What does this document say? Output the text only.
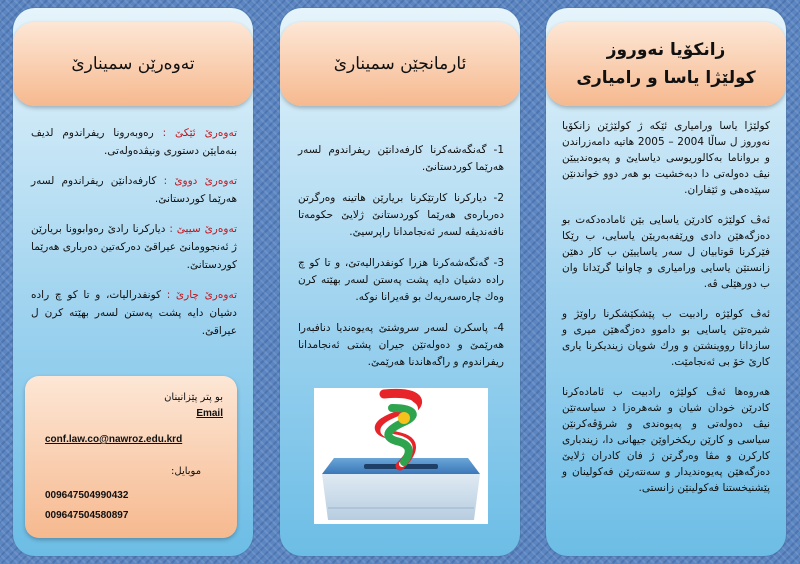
تەوەرێن سمینارێ

تەوەرێ ئێكێ : رەوبەرونا ریفراندوم لدیف بنەمایێن دستوری ونیڤدەولەتی.

تەوەرێ دووێ : كارفەدانێن ریفراندوم لسەر هەرێما كوردستانێ.

تەوەرێ سییێ : دیاركرنا رادێ رەوابوونا بریارێن ژ ئەنجوومانێ عیراقێ دەركەتین دەرباری هەرێما كوردستانێ.

تەوەرێ چارێ : كونفدرالیات، و تا كو چ رادە دشیان دایە پشت پەستن لسەر بهێتە كرن ل عیراقێ.

بو پتر پێزانینان
Email
conf.law.co@nawroz.edu.krd
موبایل:
009647504990432
009647504580897
ئارمانجێن سمینارێ

1- گەنگەشەكرنا كارفەدانێن ریفراندوم لسەر هەرێما كوردستانێ.

2- دیاركرنا كارتێكرنا بریارێن هاتینە وەرگرتن دەربارەی هەرێما كوردستانێ ژلایێ حكومەتا نافەندیڤە لسەر ئەنجامدانا راپرسیێ.

3- گەنگەشەكرنا هزرا كونفدرالیەتێ، و تا كو چ رادە دشیان دایە پشت پەستن لسەر بهێتە كرن وەك چارەسەریەك بو قەیرانا نوكە.

4- پاسكرن لسەر سروشتێ پەیوەندیا دنافبەرا هەرێمێ و دەولەتێن جیران پشتی ئەنجامدانا ریفراندوم و راگەهاندنا هەرێمێ.

زانكۆیا نەوروز
كولێژا یاسا و رامیاری

كولێژا یاسا ورامیاری ئێكە ژ كولێژێن زانكۆیا نەوروز ل ساڵا 2004 – 2005 هاتیە دامەزراندن و برواناما بەكالوریوسی دیاسایێ و پەیوەندییێن نیڤ دەولەتی دا دبەخشیت بو هەر دوو خواندنێن سپێدەهی و ئێفاران.

ئەڤ كولێژە كادرێن یاسایی بێن ئامادەدكەت بو دەزگەهێن دادی وڕێفەبەریێن یاسایی، ب رێكا فێركرنا قوتابیان ل سەر یاساییێن ب كار دهێن زانستێن یاسایی ورامیاری و چاوانیا گرێدانا وان ب دورهێلی ڤە.

ئەڤ كولێژە رادبیت ب پێشكێشكرنا راوێژ و شیرەتێن یاسایی بو داموو دەزگەهێن میری و سازدانا رووینشتن و ورك شوپان زیندیکرنا یاری کارێ خۆ بی ئەنجامێت.

هەروەها ئەڤ كولێژە رادبیت ب ئامادەكرنا كادرێن خودان شیان و شەهرەزا د سیاسەتێن نیڤ دەولەتی و پەیوەندی و شرۆڤەكرنێن سیاسی و كارێن ریكخراوێن جیهانی دا، زیندباری كاركرن و مڤا وەرگرتن ژ فان كادران ژلایێ دەزگەهێن پەیوەندیدار و سەنتەرێن فەكولینان و پێشنیخستنا فەكولینێن زانستی.
